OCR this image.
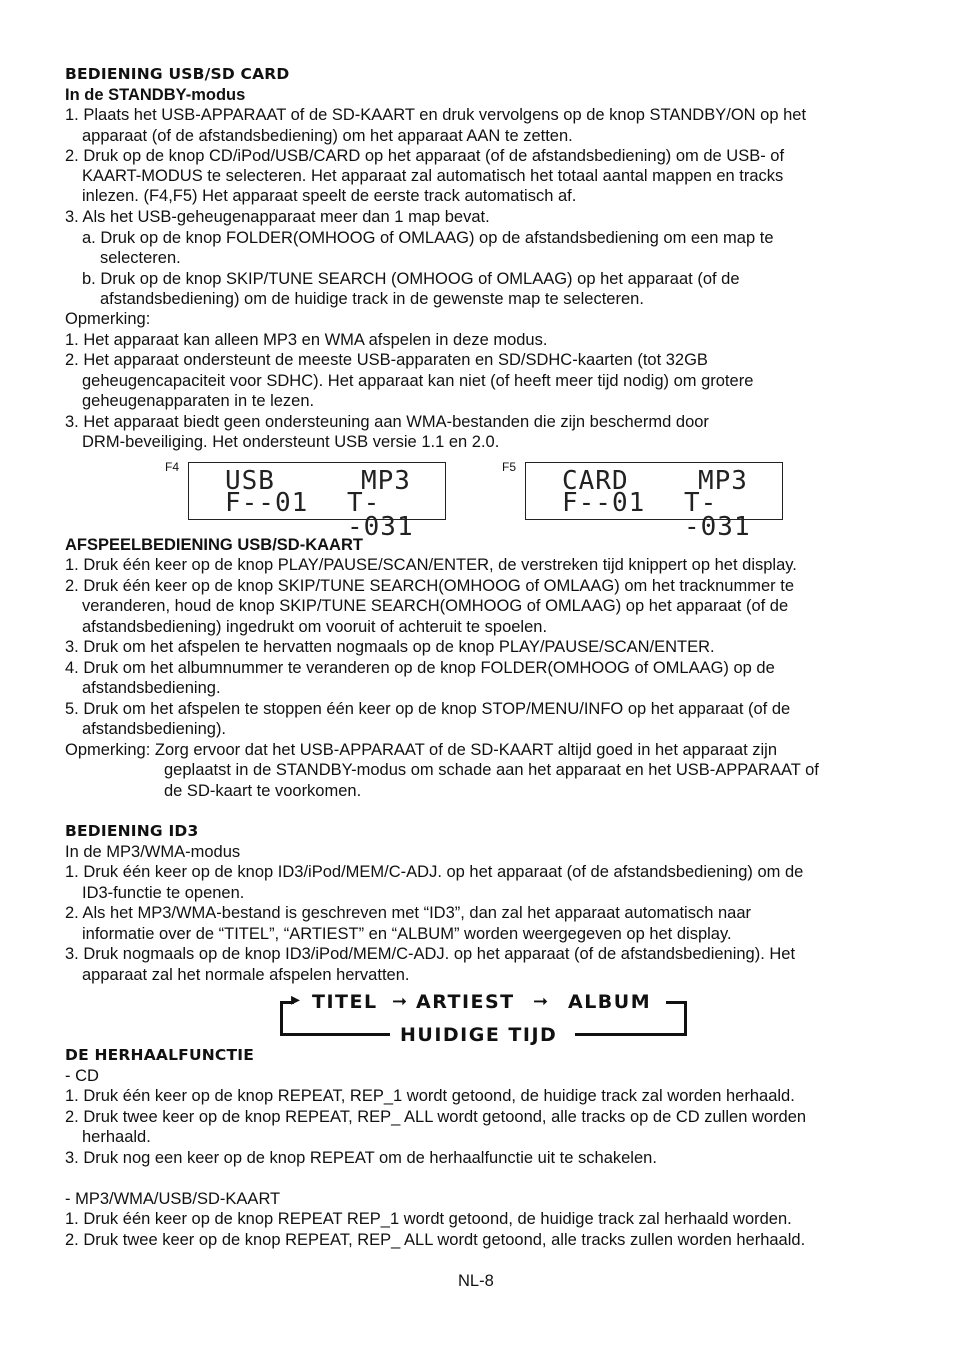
BEDIENING USB/SD CARD
In de STANDBY-modus
1. Plaats het USB-APPARAAT of de SD-KAART en druk vervolgens op de knop STANDBY/ON op het
apparaat (of de afstandsbediening) om het apparaat AAN te zetten.
2. Druk op de knop CD/iPod/USB/CARD op het apparaat (of de afstandsbediening) om de USB- of
KAART-MODUS te selecteren. Het apparaat zal automatisch het totaal aantal mappen en tracks
inlezen. (F4,F5) Het apparaat speelt de eerste track automatisch af.
3. Als het USB-geheugenapparaat meer dan 1 map bevat.
a. Druk op de knop FOLDER(OMHOOG of OMLAAG) op de afstandsbediening om een map te
selecteren.
b. Druk op de knop SKIP/TUNE SEARCH (OMHOOG of OMLAAG) op het apparaat (of de
afstandsbediening) om de huidige track in de gewenste map te selecteren.
Opmerking:
1. Het apparaat kan alleen MP3 en WMA afspelen in deze modus.
2. Het apparaat ondersteunt de meeste USB-apparaten en SD/SDHC-kaarten (tot 32GB
geheugencapaciteit voor SDHC). Het apparaat kan niet (of heeft meer tijd nodig) om grotere
geheugenapparaten in te lezen.
3. Het apparaat biedt geen ondersteuning aan WMA-bestanden die zijn beschermd door
DRM-beveiliging. Het ondersteunt USB versie 1.1 en 2.0.
F4 USB	MP3
F--01 T--031
F5 CARD	MP3
F--01 T--031
AFSPEELBEDIENING USB/SD-KAART
1. Druk één keer op de knop PLAY/PAUSE/SCAN/ENTER, de verstreken tijd knippert op het display.
2. Druk één keer op de knop SKIP/TUNE SEARCH(OMHOOG of OMLAAG) om het tracknummer te
veranderen, houd de knop SKIP/TUNE SEARCH(OMHOOG of OMLAAG) op het apparaat (of de
afstandsbediening) ingedrukt om vooruit of achteruit te spoelen.
3. Druk om het afspelen te hervatten nogmaals op de knop PLAY/PAUSE/SCAN/ENTER.
4. Druk om het albumnummer te veranderen op de knop FOLDER(OMHOOG of OMLAAG) op de
afstandsbediening.
5. Druk om het afspelen te stoppen één keer op de knop STOP/MENU/INFO op het apparaat (of de
afstandsbediening).
Opmerking: Zorg ervoor dat het USB-APPARAAT of de SD-KAART altijd goed in het apparaat zijn
geplaatst in de STANDBY-modus om schade aan het apparaat en het USB-APPARAAT of
de SD-kaart te voorkomen.
BEDIENING ID3
In de MP3/WMA-modus
1. Druk één keer op de knop ID3/iPod/MEM/C-ADJ. op het apparaat (of de afstandsbediening) om de
ID3-functie te openen.
2. Als het MP3/WMA-bestand is geschreven met “ID3”, dan zal het apparaat automatisch naar
informatie over de “TITEL”, “ARTIEST” en “ALBUM” worden weergegeven op het display.
3. Druk nogmaals op de knop ID3/iPod/MEM/C-ADJ. op het apparaat (of de afstandsbediening). Het
apparaat zal het normale afspelen hervatten.
▸ TITEL ➞ ARTIEST ➞ ALBUM
HUIDIGE TIJD
DE HERHAALFUNCTIE
- CD
1. Druk één keer op de knop REPEAT, REP_1 wordt getoond, de huidige track zal worden herhaald.
2. Druk twee keer op de knop REPEAT, REP_ ALL wordt getoond, alle tracks op de CD zullen worden
herhaald.
3. Druk nog een keer op de knop REPEAT om de herhaalfunctie uit te schakelen.
- MP3/WMA/USB/SD-KAART
1. Druk één keer op de knop REPEAT REP_1 wordt getoond, de huidige track zal herhaald worden.
2. Druk twee keer op de knop REPEAT, REP_ ALL wordt getoond, alle tracks zullen worden herhaald.
NL-8
